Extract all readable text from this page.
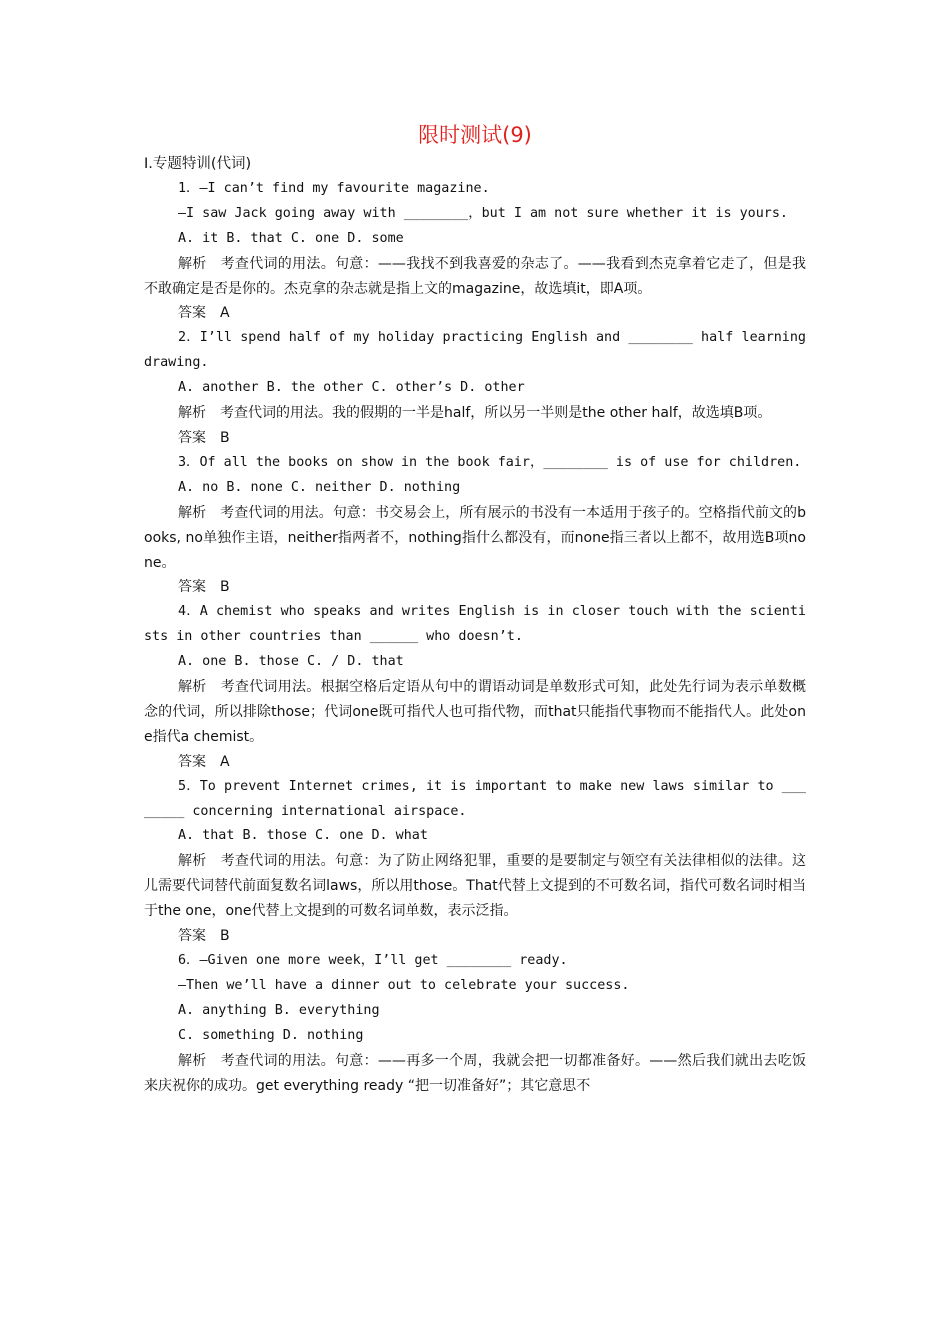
限时测试(9)
Ⅰ.专题特训(代词)

1．—I can’t find my favourite magazine.

—I saw Jack going away with ________，but I am not sure whether it is yours.

A. it B. that C. one D. some

解析 考查代词的用法。句意：——我找不到我喜爱的杂志了。——我看到杰克拿着它走了，但是我不敢确定是否是你的。杰克拿的杂志就是指上文的magazine，故选填it，即A项。

答案 A

2．I’ll spend half of my holiday practicing English and ________ half learning drawing.

A. another B. the other C. other’s D. other

解析 考查代词的用法。我的假期的一半是half，所以另一半则是the other half，故选填B项。

答案 B

3．Of all the books on show in the book fair，________ is of use for children.

A. no B. none C. neither D. nothing

解析 考查代词的用法。句意：书交易会上，所有展示的书没有一本适用于孩子的。空格指代前文的books, no单独作主语，neither指两者不，nothing指什么都没有，而none指三者以上都不，故用选B项none。

答案 B

4．A chemist who speaks and writes English is in closer touch with the scientists in other countries than ______ who doesn’t.

A. one B. those C. / D. that

解析 考查代词用法。根据空格后定语从句中的谓语动词是单数形式可知，此处先行词为表示单数概念的代词，所以排除those；代词one既可指代人也可指代物，而that只能指代事物而不能指代人。此处one指代a chemist。

答案 A

5．To prevent Internet crimes, it is important to make new laws similar to ________ concerning international airspace.

A. that B. those C. one D. what

解析 考查代词的用法。句意：为了防止网络犯罪，重要的是要制定与领空有关法律相似的法律。这儿需要代词替代前面复数名词laws，所以用those。That代替上文提到的不可数名词，指代可数名词时相当于the one，one代替上文提到的可数名词单数，表示泛指。

答案 B

6．—Given one more week，I’ll get ________ ready.

—Then we’ll have a dinner out to celebrate your success.

A. anything B. everything

C. something D. nothing

解析 考查代词的用法。句意：——再多一个周，我就会把一切都准备好。——然后我们就出去吃饭来庆祝你的成功。get everything ready “把一切准备好”；其它意思不
